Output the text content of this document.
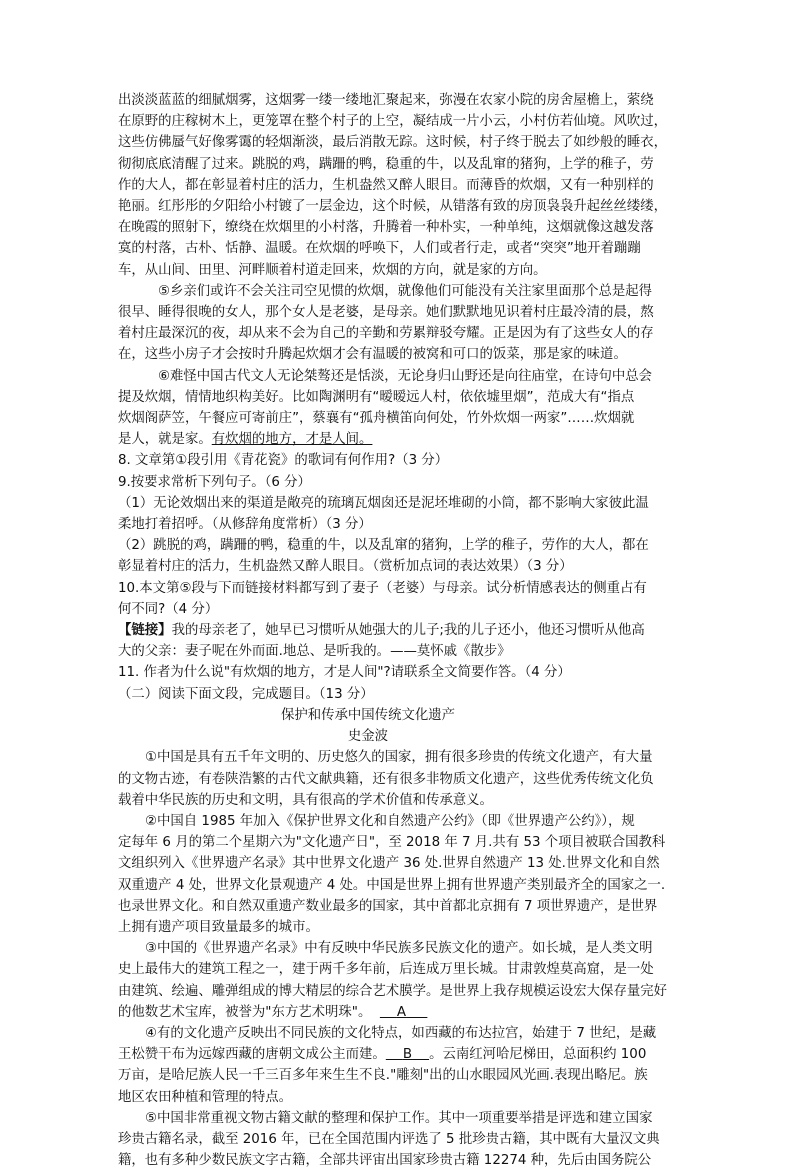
出淡淡蓝蓝的细腻烟雾，这烟雾一缕一缕地汇聚起来，弥漫在农家小院的房舍屋檐上，萦绕

在原野的庄稼树木上，更笼罩在整个村子的上空，凝结成一片小云，小村仿若仙境。风吹过，

这些仿佛蜃气好像雾霭的轻烟渐淡，最后消散无踪。这时候，村子终于脱去了如纱般的睡衣，

彻彻底底清醒了过来。跳脱的鸡，蹒跚的鸭，稳重的牛，以及乱窜的猪狗，上学的稚子，劳

作的大人，都在彰显着村庄的活力，生机盎然又醉人眼目。而薄昏的炊烟，又有一种别样的

艳丽。红彤彤的夕阳给小村镀了一层金边，这个时候，从错落有致的房顶袅袅升起丝丝缕缕，

在晚霞的照射下，缭绕在炊烟里的小村落，升腾着一种朴实，一种单纯，这烟就像这越发落

寞的村落，古朴、恬静、温暖。在炊烟的呼唤下，人们或者行走，或者“突突”地开着蹦蹦

车，从山间、田里、河畔顺着村道走回来，炊烟的方向，就是家的方向。

⑤乡亲们或许不会关注司空见惯的炊烟，就像他们可能没有关注家里面那个总是起得

很早、睡得很晚的女人，那个女人是老婆，是母亲。她们默默地见识着村庄最冷清的晨，熬

着村庄最深沉的夜，却从来不会为自己的辛勤和劳累辩驳夸耀。正是因为有了这些女人的存

在，这些小房子才会按时升腾起炊烟才会有温暖的被窝和可口的饭菜，那是家的味道。

⑥难怪中国古代文人无论桀骜还是恬淡，无论身归山野还是向往庙堂，在诗句中总会

提及炊烟，情情地织构美好。比如陶渊明有“暧暧远人村，依依墟里烟”，范成大有“指点

炊烟阁萨笠，午餐应可寄前庄”，蔡襄有“孤舟横笛向何处，竹外炊烟一两家”……炊烟就

是人，就是家。有炊烟的地方，才是人间。

8. 文章第①段引用《青花瓷》的歌词有何作用?（3 分）

9.按要求常析下列句子。（6 分）

（1）无论效烟出来的渠道是敞亮的琉璃瓦烟囱还是泥坯堆砌的小筒，都不影响大家彼此温

柔地打着招呼。（从修辞角度常析）（3 分）

（2）跳脱的鸡，蹒跚的鸭，稳重的牛，以及乱窜的猪狗，上学的稚子，劳作的大人，都在

彰显着村庄的活力，生机盎然又醉人眼目。（赏析加点词的表达效果）（3 分）

10.本文第⑤段与下而链接材料都写到了妻子（老婆）与母亲。试分析情感表达的侧重占有

何不同?（4 分）

【链接】我的母亲老了，她早已习惯听从她强大的儿子;我的儿子还小，他还习惯听从他高

大的父亲：妻子呢在外而面.地总、是听我的。——莫怀戚《散步》

11. 作者为什么说"有炊烟的地方，才是人间"?请联系全文简要作答。（4 分）

（二）阅读下面文段，完成题目。（13 分）

保护和传承中国传统文化遗产

史金波

①中国是具有五千年文明的、历史悠久的国家，拥有很多珍贵的传统文化遗产，有大量

的文物古迹，有卷陕浩繁的古代文献典籍，还有很多非物质文化遗产，这些优秀传统文化负

载着中华民族的历史和文明，具有很高的学术价值和传承意义。

②中国自 1985 年加入《保护世界文化和自然遗产公约》（即《世界遗产公约》），规

定每年 6 月的第二个星期六为"文化遗产日"，至 2018 年 7 月.共有 53 个项目被联合国教科

文组织列入《世界遗产名录》其中世界文化遗产 36 处.世界自然遗产 13 处.世界文化和自然

双重遗产 4 处，世界文化景观遗产 4 处。中国是世界上拥有世界遗产类别最齐全的国家之一.

也录世界文化。和自然双重遗产数业最多的国家，其中首都北京拥有 7 项世界遗产，是世界

上拥有遗产项目致量最多的城市。

③中国的《世界遗产名录》中有反映中华民族多民族文化的遗产。如长城，是人类文明

史上最伟大的建筑工程之一，建于两千多年前，后连成万里长城。甘肃敦煌莫高窟，是一处

由建筑、绘遍、雕弹组成的博大精层的综合艺术膜学。是世界上我存规模运设宏大保存量完好

的他数艺术宝库，被誉为"东方艺术明珠"。 A

④有的文化遗产反映出不同民族的文化特点，如西藏的布达拉宫，始建于 7 世纪，是藏

王松赞干布为远嫁西藏的唐朝文成公主而建。 B 。云南红河哈尼梯田，总面积约 100

万亩，是哈尼族人民一千三百多年来生生不良."雕刻"出的山水眼园风光画.表现出略尼。族

地区农田种植和管理的特点。

⑤中国非常重视文物古籍文献的整理和保护工作。其中一项重要举措是评选和建立国家

珍贵古籍名录，截至 2016 年，已在全国范围内评选了 5 批珍贵古籍，其中既有大量汉文典

籍，也有多种少数民族文字古籍，全部共评宙出国家珍贵古籍 12274 种，先后由国务院公
